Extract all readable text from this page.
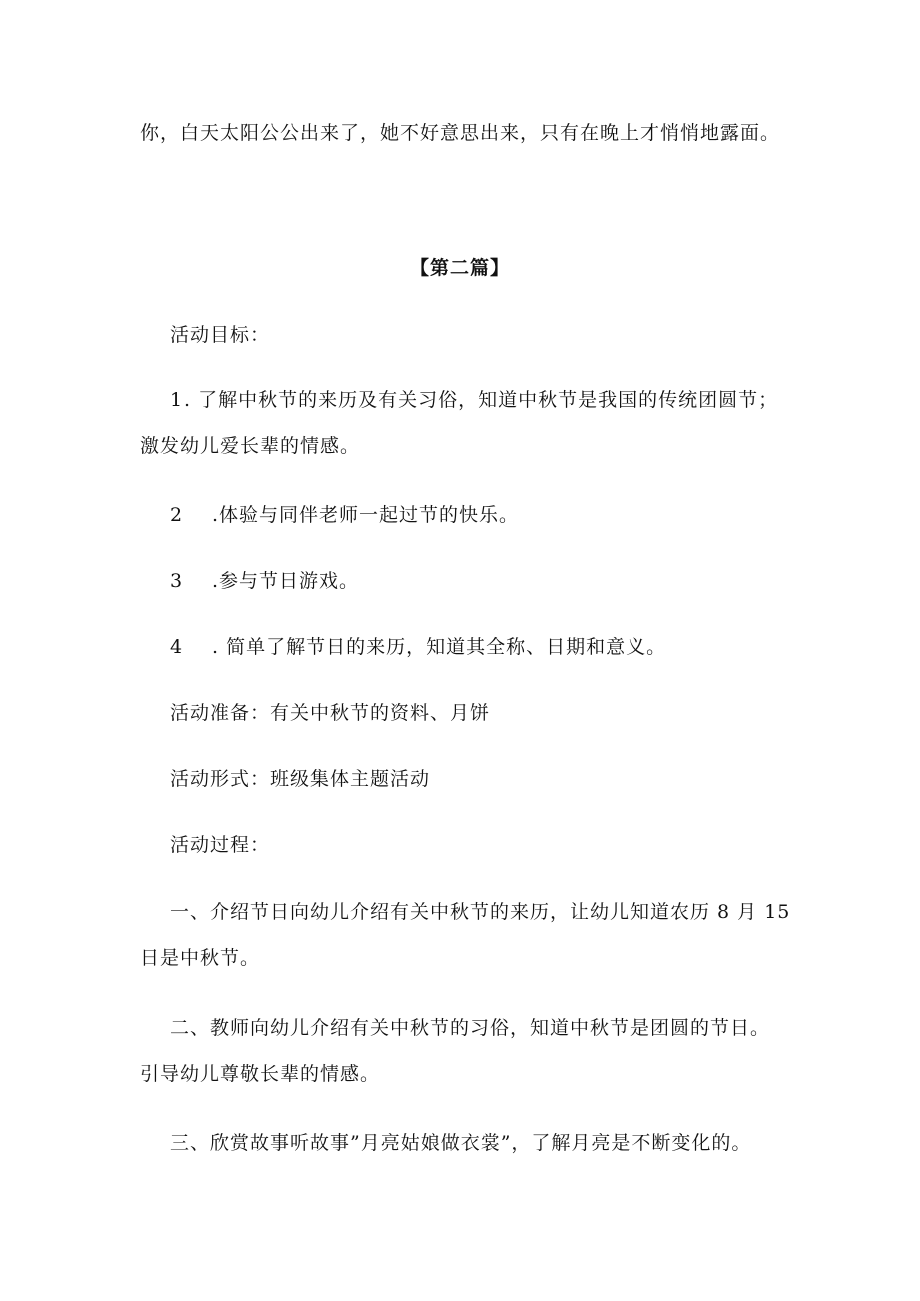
你，白天太阳公公出来了，她不好意思出来，只有在晚上才悄悄地露面。
【第二篇】
活动目标：
1. 了解中秋节的来历及有关习俗，知道中秋节是我国的传统团圆节；
激发幼儿爱长辈的情感。
2 .体验与同伴老师一起过节的快乐。
3 .参与节日游戏。
4 . 简单了解节日的来历，知道其全称、日期和意义。
活动准备：有关中秋节的资料、月饼
活动形式：班级集体主题活动
活动过程：
一、介绍节日向幼儿介绍有关中秋节的来历，让幼儿知道农历 8 月 15
日是中秋节。
二、教师向幼儿介绍有关中秋节的习俗，知道中秋节是团圆的节日。
引导幼儿尊敬长辈的情感。
三、欣赏故事听故事”月亮姑娘做衣裳”，了解月亮是不断变化的。
